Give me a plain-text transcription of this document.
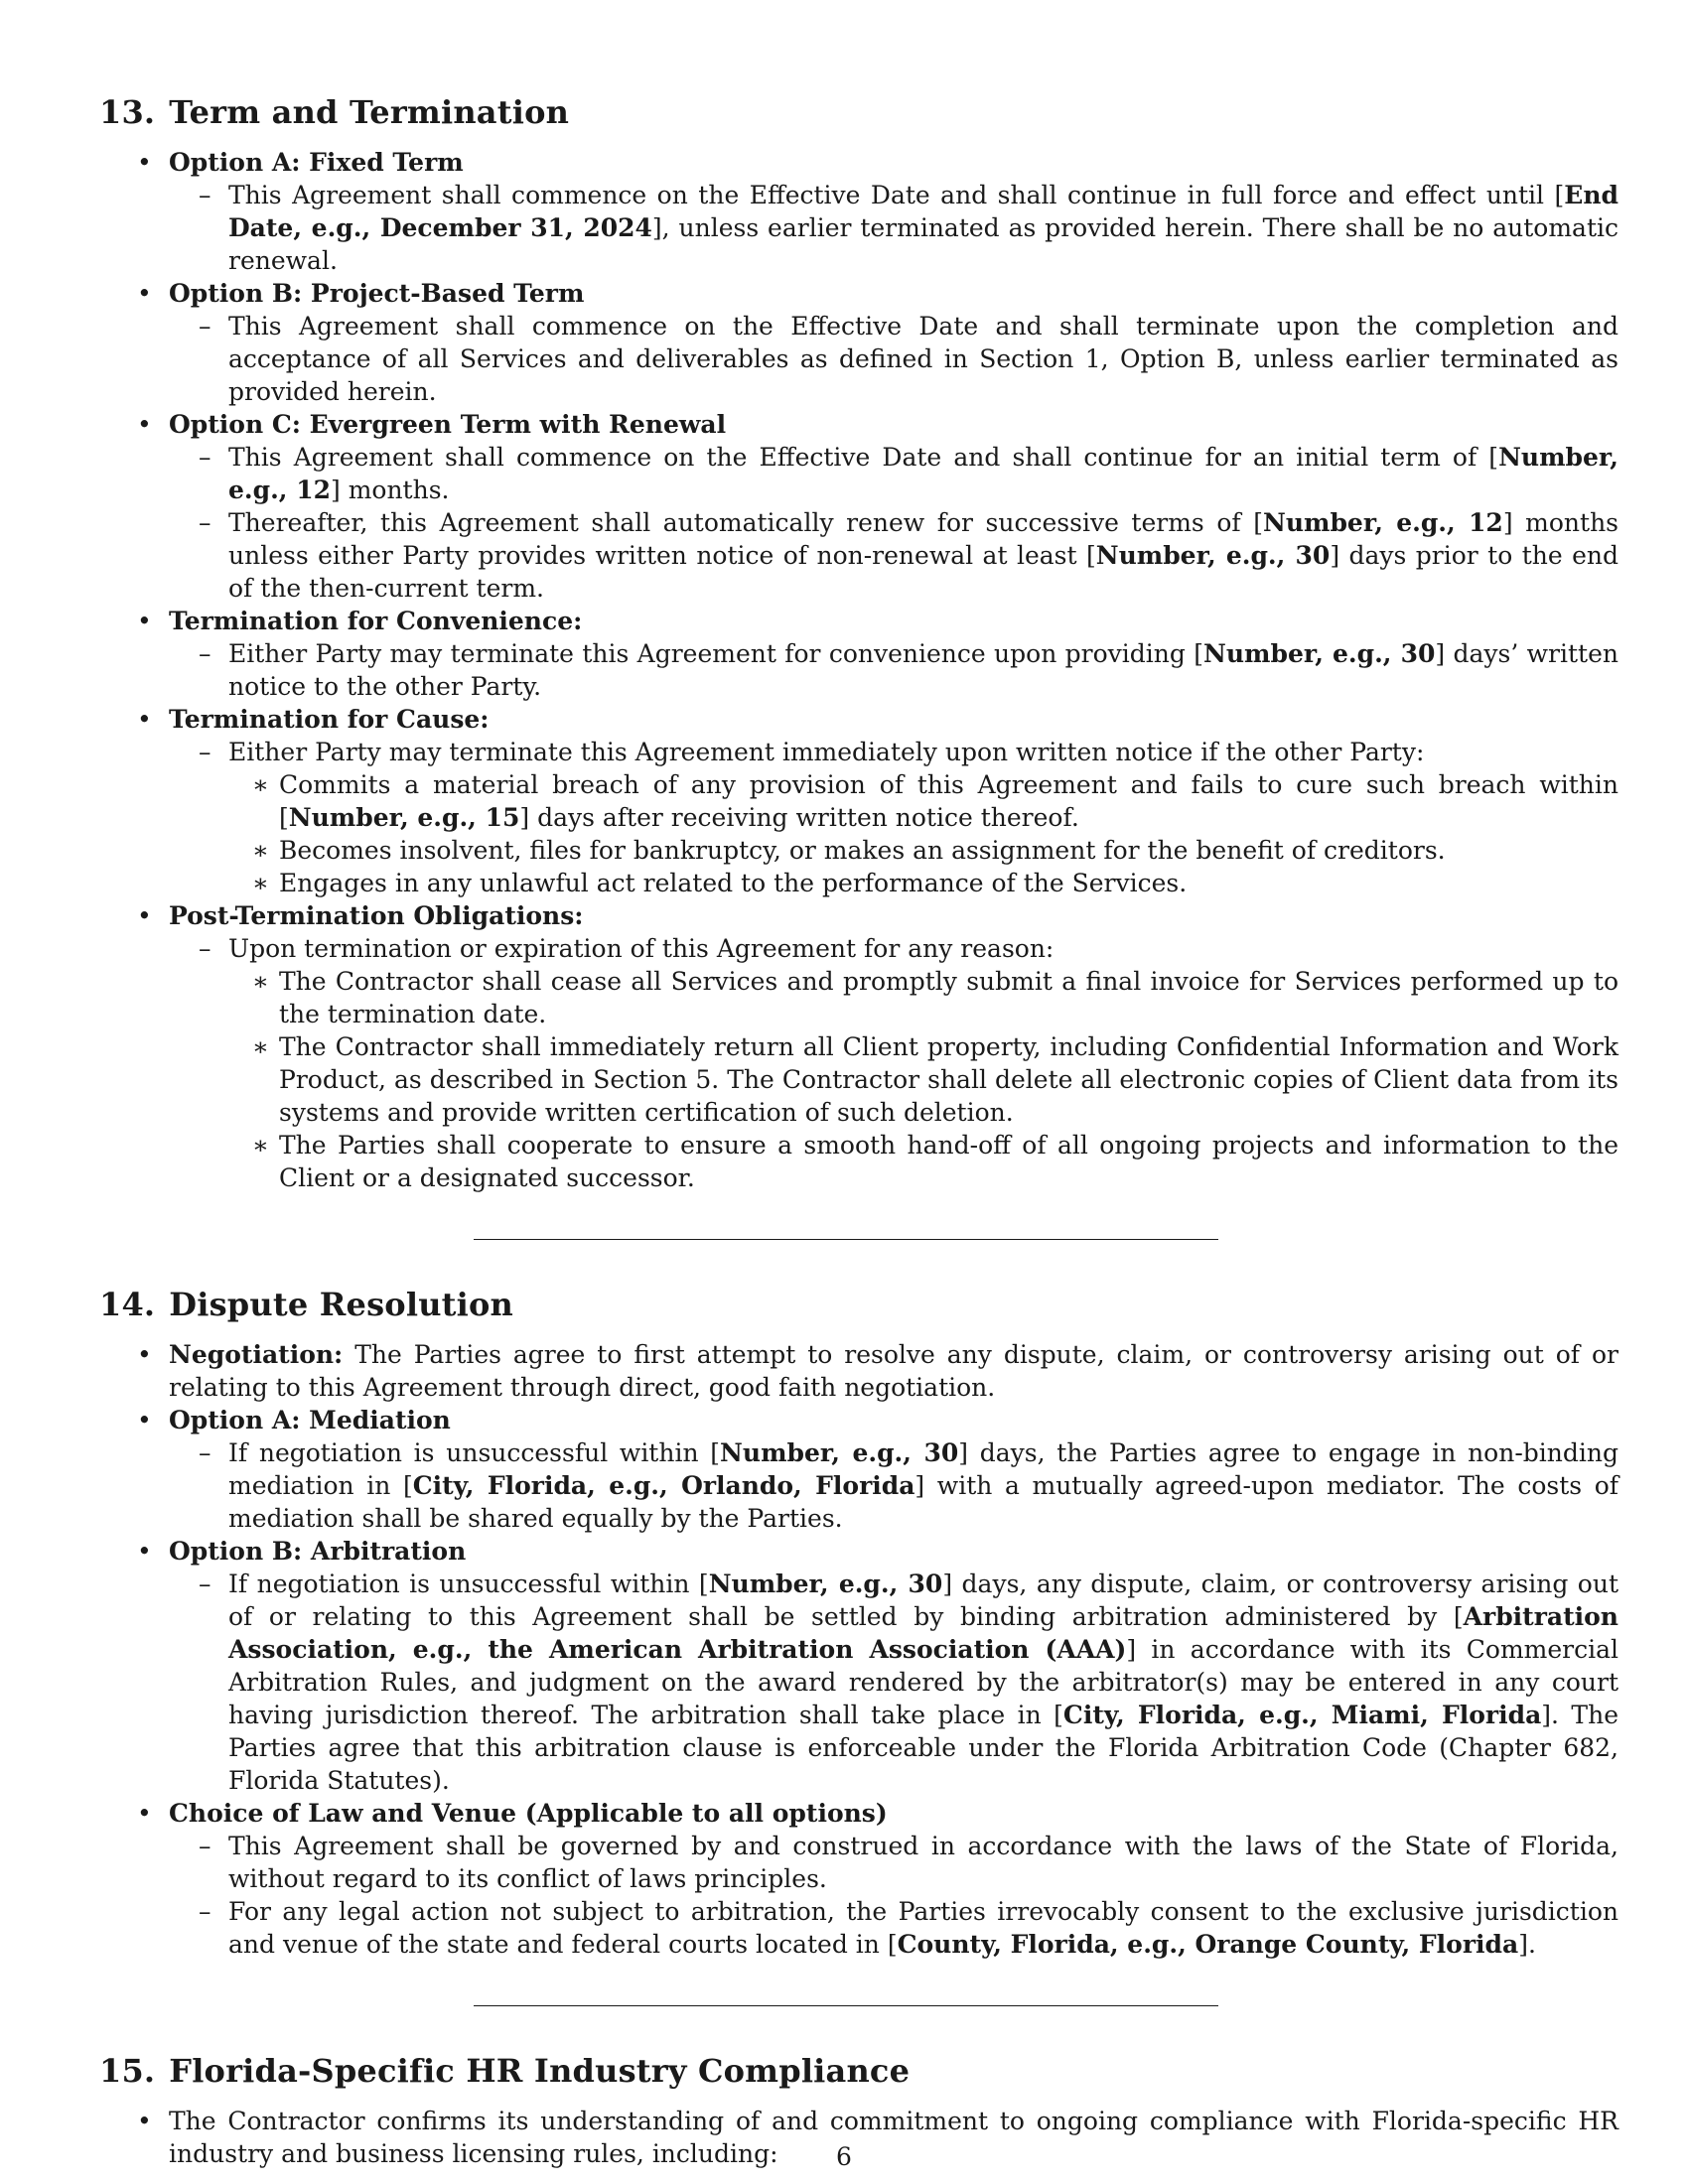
13. Term and Termination
• Option A: Fixed Term
– This Agreement shall commence on the Effective Date and shall continue in full force and effect until [End Date, e.g., December 31, 2024], unless earlier terminated as provided herein. There shall be no automatic renewal.
• Option B: Project-Based Term
– This Agreement shall commence on the Effective Date and shall terminate upon the completion and acceptance of all Services and deliverables as defined in Section 1, Option B, unless earlier terminated as provided herein.
• Option C: Evergreen Term with Renewal
– This Agreement shall commence on the Effective Date and shall continue for an initial term of [Number, e.g., 12] months.
– Thereafter, this Agreement shall automatically renew for successive terms of [Number, e.g., 12] months unless either Party provides written notice of non-renewal at least [Number, e.g., 30] days prior to the end of the then-current term.
• Termination for Convenience:
– Either Party may terminate this Agreement for convenience upon providing [Number, e.g., 30] days’ written notice to the other Party.
• Termination for Cause:
– Either Party may terminate this Agreement immediately upon written notice if the other Party:
∗ Commits a material breach of any provision of this Agreement and fails to cure such breach within [Number, e.g., 15] days after receiving written notice thereof.
∗ Becomes insolvent, files for bankruptcy, or makes an assignment for the benefit of creditors.
∗ Engages in any unlawful act related to the performance of the Services.
• Post-Termination Obligations:
– Upon termination or expiration of this Agreement for any reason:
∗ The Contractor shall cease all Services and promptly submit a final invoice for Services performed up to the termination date.
∗ The Contractor shall immediately return all Client property, including Confidential Information and Work Product, as described in Section 5. The Contractor shall delete all electronic copies of Client data from its systems and provide written certification of such deletion.
∗ The Parties shall cooperate to ensure a smooth hand-off of all ongoing projects and information to the Client or a designated successor.
14. Dispute Resolution
• Negotiation: The Parties agree to first attempt to resolve any dispute, claim, or controversy arising out of or relating to this Agreement through direct, good faith negotiation.
• Option A: Mediation
– If negotiation is unsuccessful within [Number, e.g., 30] days, the Parties agree to engage in non-binding mediation in [City, Florida, e.g., Orlando, Florida] with a mutually agreed-upon mediator. The costs of mediation shall be shared equally by the Parties.
• Option B: Arbitration
– If negotiation is unsuccessful within [Number, e.g., 30] days, any dispute, claim, or controversy arising out of or relating to this Agreement shall be settled by binding arbitration administered by [Arbitration Association, e.g., the American Arbitration Association (AAA)] in accordance with its Commercial Arbitration Rules, and judgment on the award rendered by the arbitrator(s) may be entered in any court having jurisdiction thereof. The arbitration shall take place in [City, Florida, e.g., Miami, Florida]. The Parties agree that this arbitration clause is enforceable under the Florida Arbitration Code (Chapter 682, Florida Statutes).
• Choice of Law and Venue (Applicable to all options)
– This Agreement shall be governed by and construed in accordance with the laws of the State of Florida, without regard to its conflict of laws principles.
– For any legal action not subject to arbitration, the Parties irrevocably consent to the exclusive jurisdiction and venue of the state and federal courts located in [County, Florida, e.g., Orange County, Florida].
15. Florida-Specific HR Industry Compliance
• The Contractor confirms its understanding of and commitment to ongoing compliance with Florida-specific HR industry and business licensing rules, including:	6
